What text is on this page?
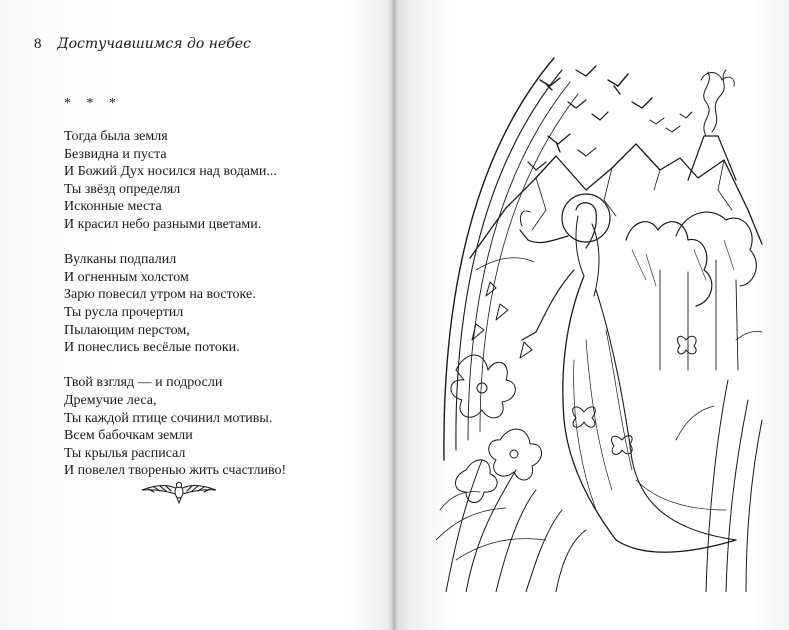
8 Достучавшимся до небес
* * *
Тогда была земля
Безвидна и пуста
И Божий Дух носился над водами...
Ты звёзд определял
Исконные места
И красил небо разными цветами.
Вулканы подпалил
И огненным холстом
Зарю повесил утром на востоке.
Ты русла прочертил
Пылающим перстом,
И понеслись весёлые потоки.
Твой взгляд — и подросли
Дремучие леса,
Ты каждой птице сочинил мотивы.
Всем бабочкам земли
Ты крылья расписал
И повелел творенью жить счастливо!
